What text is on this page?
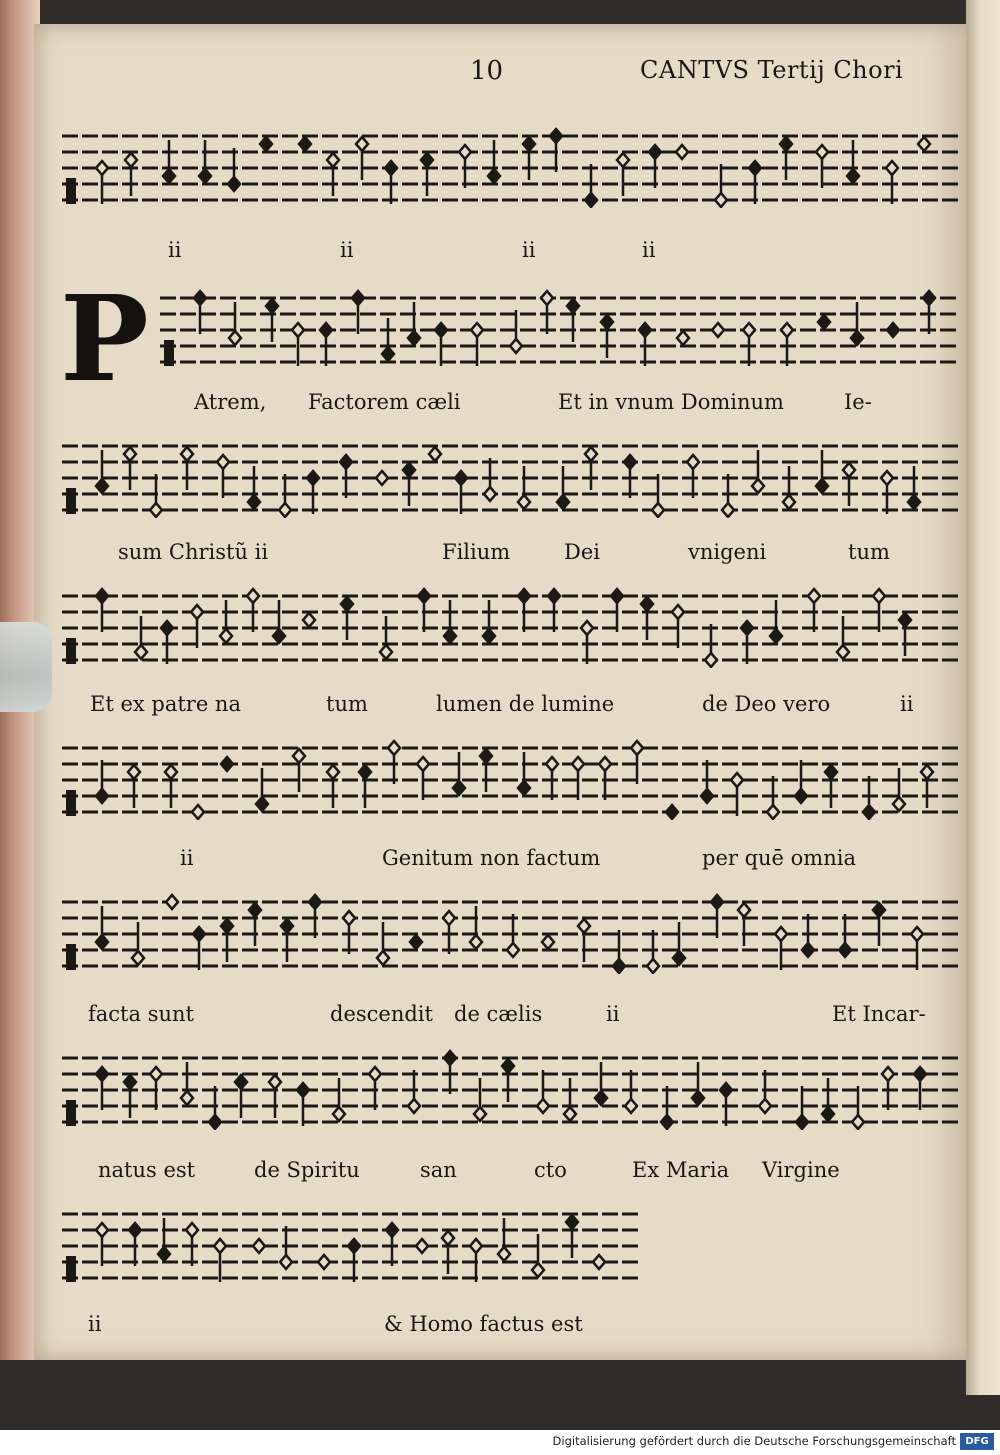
10	CANTVS Tertij Chori
P
ii	ii	ii	ii
Atrem, Factorem cæli	Et in vnum Dominum	Ie-
sum Christũ ii	Filium	Dei	vnigeni	tum
Et ex patre na	tum	lumen de lumine	de Deo vero	ii
ii	Genitum non factum	per quē omnia
facta sunt	descendit de cælis	ii	Et Incar-
natus est	de Spiritu	san	cto	Ex Maria Virgine
ii	& Homo factus est
Digitalisierung gefördert durch die Deutsche Forschungsgemeinschaft DFG
